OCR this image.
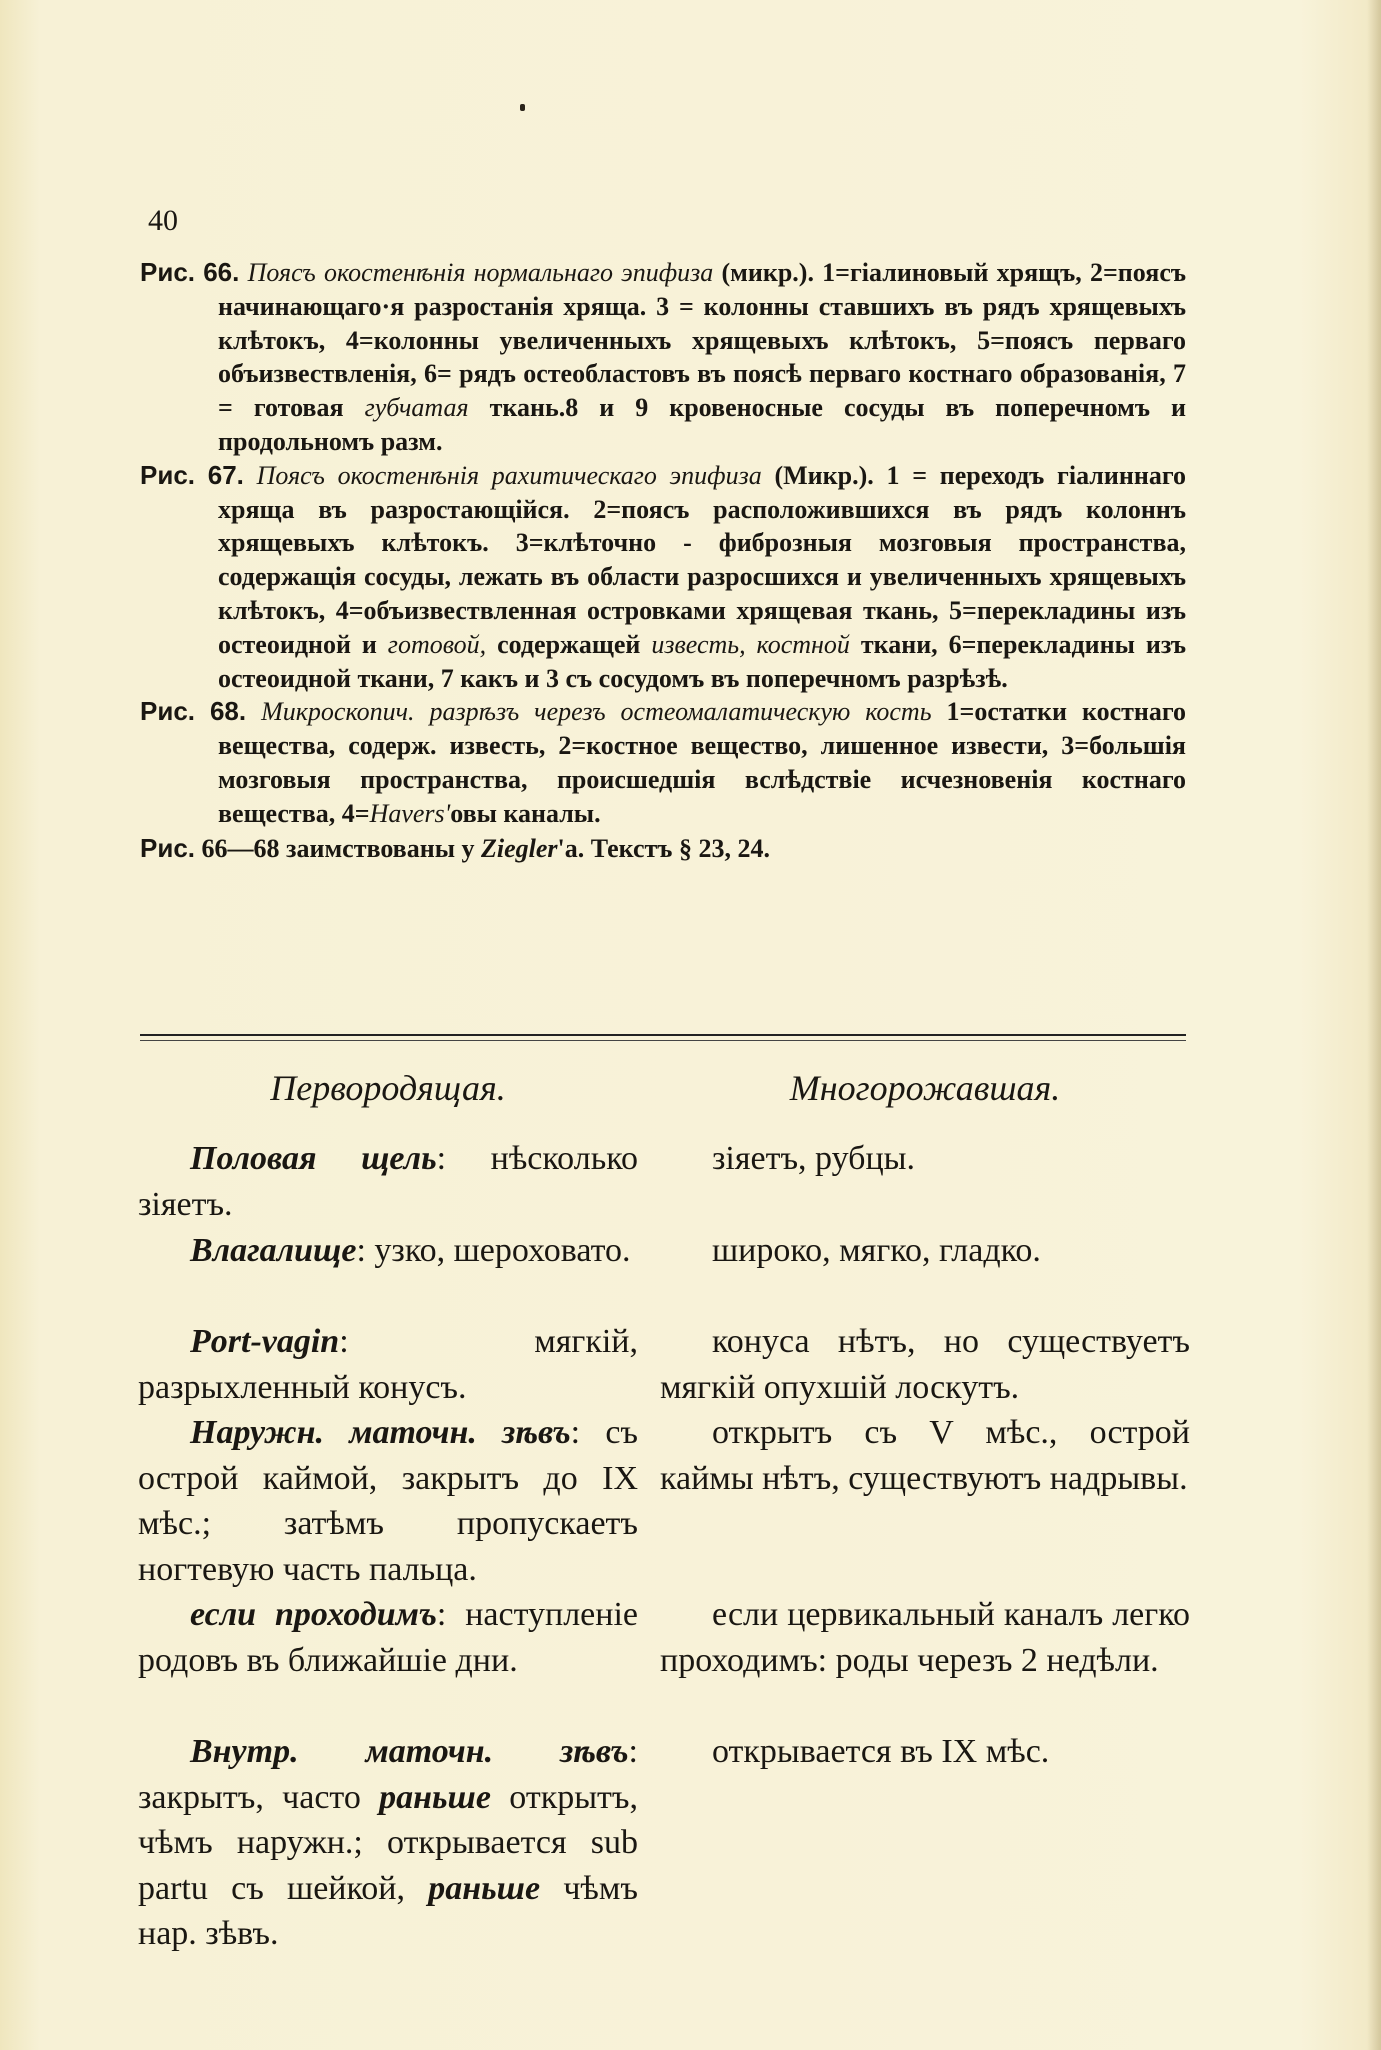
40

Рис. 66. Поясъ окостенѣнія нормальнаго эпифиза (микр.). 1=гіалиновый хрящъ, 2=поясъ начинающаго·я разростанія хряща. 3 = колонны ставшихъ въ рядъ хрящевыхъ клѣтокъ, 4=колонны увеличенныхъ хрящевыхъ клѣтокъ, 5=поясъ перваго объизвествленія, 6= рядъ остеобластовъ въ поясѣ перваго костнаго образованія, 7 = готовая губчатая ткань.8 и 9 кровеносные сосуды въ поперечномъ и продольномъ разм.

Рис. 67. Поясъ окостенѣнія рахитическаго эпифиза (Микр.). 1 = переходъ гіалиннаго хряща въ разростающійся. 2=поясъ расположившихся въ рядъ колоннъ хрящевыхъ клѣтокъ. 3=клѣточно - фиброзныя мозговыя пространства, содержащія сосуды, лежать въ области разросшихся и увеличенныхъ хрящевыхъ клѣтокъ, 4=объизвествленная островками хрящевая ткань, 5=перекладины изъ остеоидной и готовой, содержащей известь, костной ткани, 6=перекладины изъ остеоидной ткани, 7 какъ и 3 съ сосудомъ въ поперечномъ разрѣзѣ.

Рис. 68. Микроскопич. разрѣзъ черезъ остеомалатическую кость 1=остатки костнаго вещества, содерж. известь, 2=костное вещество, лишенное извести, 3=большія мозговыя пространства, происшедшія вслѣдствіе исчезновенія костнаго вещества, 4=Havers'овы каналы.

Рис. 66—68 заимствованы у Ziegler'а. Текстъ § 23, 24.

Первородящая.	Многорожавшая.

Половая щель: нѣсколько зіяетъ.

Влагалище: узко, шероховато.

Port-vagin: мягкій, разрыхленный конусъ.

Наружн. маточн. зѣвъ: съ острой каймой, закрытъ до IX мѣс.; затѣмъ пропускаетъ ногтевую часть пальца.

если проходимъ: наступленіе родовъ въ ближайшіе дни.

Внутр. маточн. зѣвъ: закрытъ, часто раньше открытъ, чѣмъ наружн.; открывается sub partu съ шейкой, раньше чѣмъ нар. зѣвъ.

зіяетъ, рубцы.

широко, мягко, гладко.

конуса нѣтъ, но существуетъ мягкій опухшій лоскутъ.

открытъ съ V мѣс., острой каймы нѣтъ, существуютъ надрывы.

если цервикальный каналъ легко проходимъ: роды черезъ 2 недѣли.

открывается въ IX мѣс.
